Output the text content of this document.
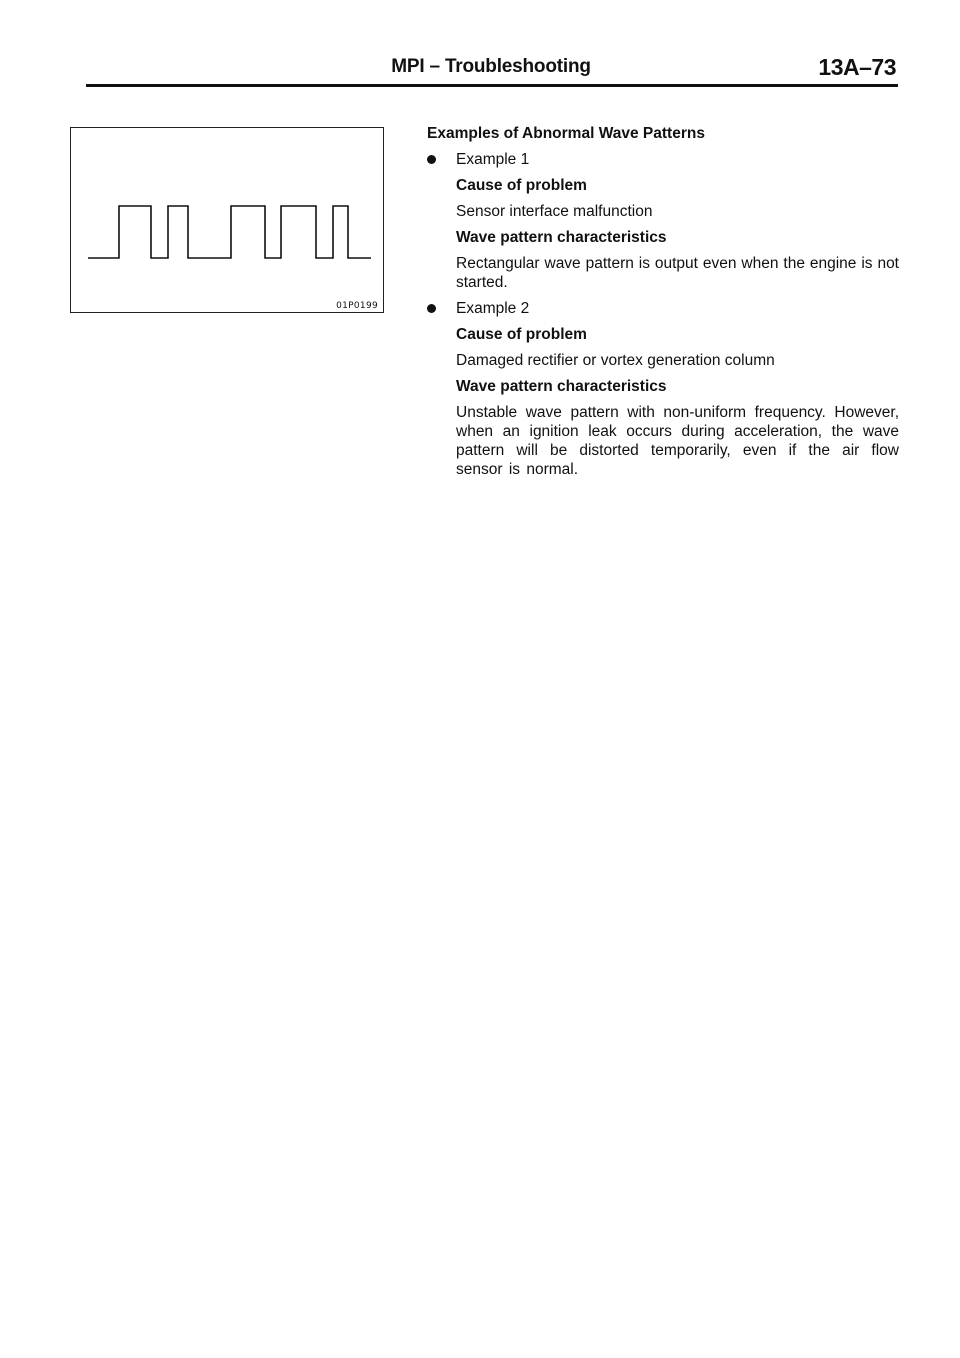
MPI – Troubleshooting	13A–73
01P0199
Examples of Abnormal Wave Patterns
Example 1
Cause of problem
Sensor interface malfunction
Wave pattern characteristics
Rectangular wave pattern is output even when the engine is not started.
Example 2
Cause of problem
Damaged rectifier or vortex generation column
Wave pattern characteristics
Unstable wave pattern with non-uniform frequency. However, when an ignition leak occurs during acceleration, the wave pattern will be distorted temporarily, even if the air flow sensor is normal.
